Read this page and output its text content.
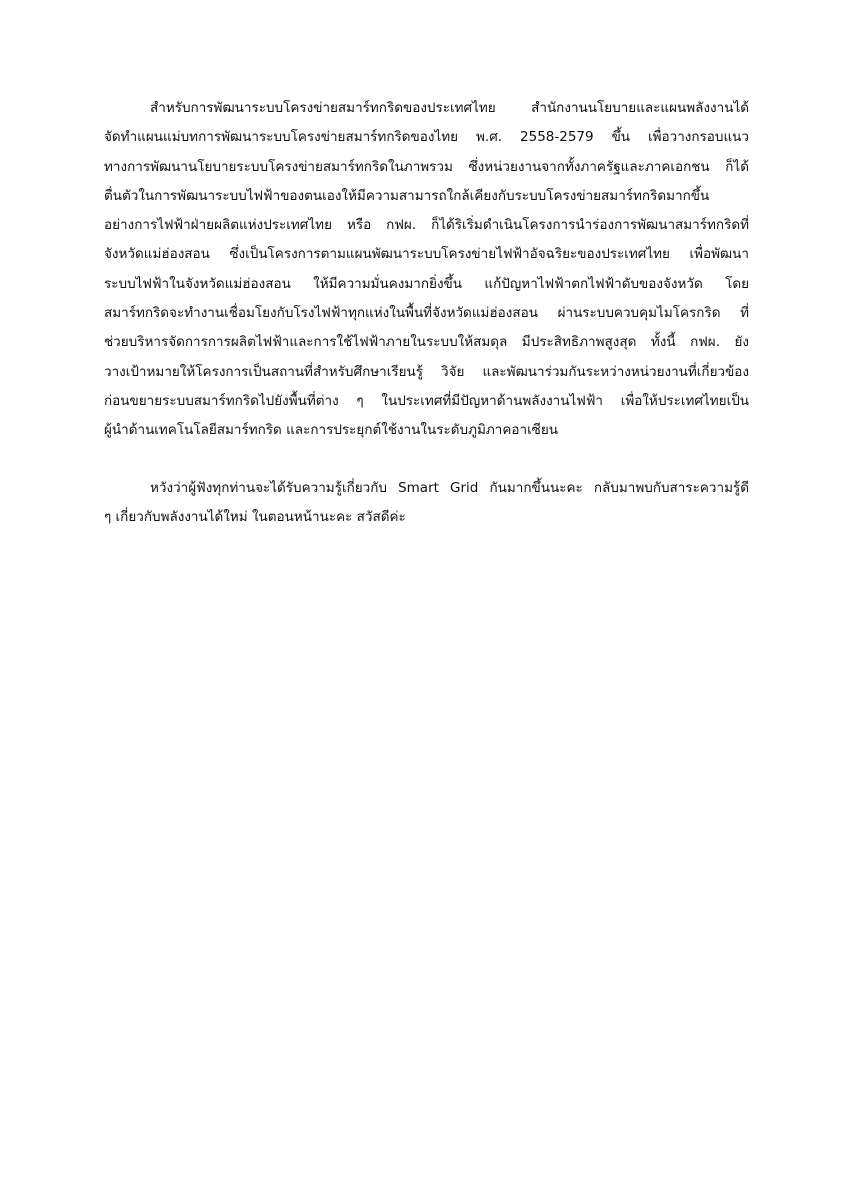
สำหรับการพัฒนาระบบโครงข่ายสมาร์ทกริดของประเทศไทย สำนักงานนโยบายและแผนพลังงานได้
จัดทำแผนแม่บทการพัฒนาระบบโครงข่ายสมาร์ทกริดของไทย พ.ศ. 2558-2579 ขึ้น เพื่อวางกรอบแนว
ทางการพัฒนานโยบายระบบโครงข่ายสมาร์ทกริดในภาพรวม ซึ่งหน่วยงานจากทั้งภาครัฐและภาคเอกชน ก็ได้
ตื่นตัวในการพัฒนาระบบไฟฟ้าของตนเองให้มีความสามารถใกล้เคียงกับระบบโครงข่ายสมาร์ทกริดมากขึ้น
อย่างการไฟฟ้าฝ่ายผลิตแห่งประเทศไทย หรือ กฟผ. ก็ได้ริเริ่มดำเนินโครงการนำร่องการพัฒนาสมาร์ทกริดที่
จังหวัดแม่ฮ่องสอน ซึ่งเป็นโครงการตามแผนพัฒนาระบบโครงข่ายไฟฟ้าอัจฉริยะของประเทศไทย เพื่อพัฒนา
ระบบไฟฟ้าในจังหวัดแม่ฮ่องสอน ให้มีความมั่นคงมากยิ่งขึ้น แก้ปัญหาไฟฟ้าตกไฟฟ้าดับของจังหวัด โดย
สมาร์ทกริดจะทำงานเชื่อมโยงกับโรงไฟฟ้าทุกแห่งในพื้นที่จังหวัดแม่ฮ่องสอน ผ่านระบบควบคุมไมโครกริด ที่
ช่วยบริหารจัดการการผลิตไฟฟ้าและการใช้ไฟฟ้าภายในระบบให้สมดุล มีประสิทธิภาพสูงสุด ทั้งนี้ กฟผ. ยัง
วางเป้าหมายให้โครงการเป็นสถานที่สำหรับศึกษาเรียนรู้ วิจัย และพัฒนาร่วมกันระหว่างหน่วยงานที่เกี่ยวข้อง
ก่อนขยายระบบสมาร์ทกริดไปยังพื้นที่ต่าง ๆ ในประเทศที่มีปัญหาด้านพลังงานไฟฟ้า เพื่อให้ประเทศไทยเป็น
ผู้นำด้านเทคโนโลยีสมาร์ทกริด และการประยุกต์ใช้งานในระดับภูมิภาคอาเซียน
หวังว่าผู้ฟังทุกท่านจะได้รับความรู้เกี่ยวกับ Smart Grid กันมากขึ้นนะคะ กลับมาพบกับสาระความรู้ดี
ๆ เกี่ยวกับพลังงานได้ใหม่ ในตอนหน้านะคะ สวัสดีค่ะ
